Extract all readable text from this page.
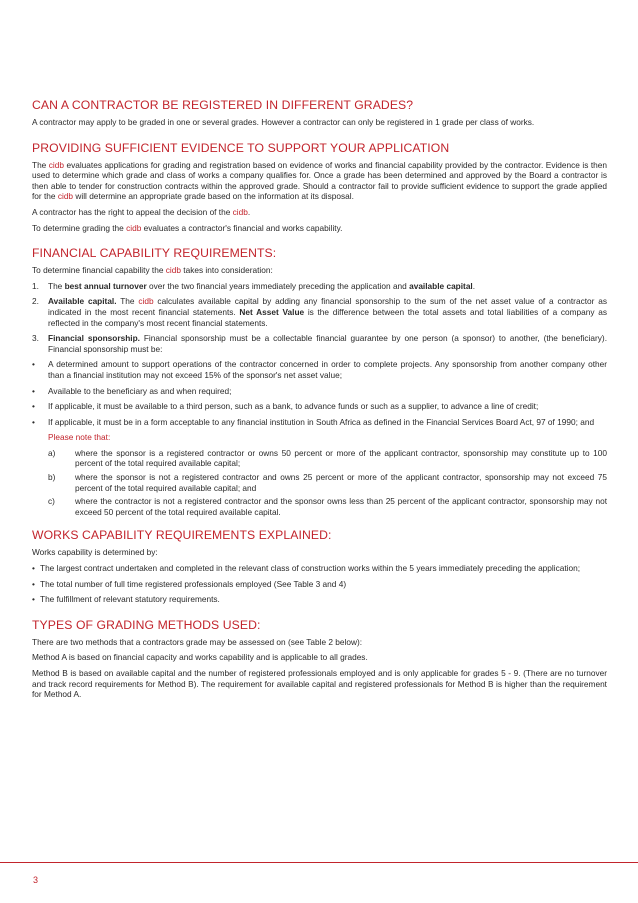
CAN A CONTRACTOR BE REGISTERED IN DIFFERENT GRADES?

A contractor may apply to be graded in one or several grades. However a contractor can only be registered in 1 grade per class of works.

PROVIDING SUFFICIENT EVIDENCE TO SUPPORT YOUR APPLICATION

The cidb evaluates applications for grading and registration based on evidence of works and financial capability provided by the contractor. Evidence is then used to determine which grade and class of works a company qualifies for. Once a grade has been determined and approved by the Board a contractor is then able to tender for construction contracts within the approved grade. Should a contractor fail to provide sufficient evidence to support the grade applied for the cidb will determine an appropriate grade based on the information at its disposal.

A contractor has the right to appeal the decision of the cidb.

To determine grading the cidb evaluates a contractor's financial and works capability.

FINANCIAL CAPABILITY REQUIREMENTS:

To determine financial capability the cidb takes into consideration:

1. The best annual turnover over the two financial years immediately preceding the application and available capital.
2. Available capital. The cidb calculates available capital by adding any financial sponsorship to the sum of the net asset value of a contractor as indicated in the most recent financial statements. Net Asset Value is the difference between the total assets and total liabilities of a company as reflected in the company's most recent financial statements.
3. Financial sponsorship. Financial sponsorship must be a collectable financial guarantee by one person (a sponsor) to another, (the beneficiary). Financial sponsorship must be:
• A determined amount to support operations of the contractor concerned in order to complete projects. Any sponsorship from another company other than a financial institution may not exceed 15% of the sponsor's net asset value;
• Available to the beneficiary as and when required;
• If applicable, it must be available to a third person, such as a bank, to advance funds or such as a supplier, to advance a line of credit;
• If applicable, it must be in a form acceptable to any financial institution in South Africa as defined in the Financial Services Board Act, 97 of 1990; and

Please note that:

a) where the sponsor is a registered contractor or owns 50 percent or more of the applicant contractor, sponsorship may constitute up to 100 percent of the total required available capital;
b) where the sponsor is not a registered contractor and owns 25 percent or more of the applicant contractor, sponsorship may not exceed 75 percent of the total required available capital; and
c) where the contractor is not a registered contractor and the sponsor owns less than 25 percent of the applicant contractor, sponsorship may not exceed 50 percent of the total required available capital.
WORKS CAPABILITY REQUIREMENTS EXPLAINED:

Works capability is determined by:

• The largest contract undertaken and completed in the relevant class of construction works within the 5 years immediately preceding the application;
• The total number of full time registered professionals employed (See Table 3 and 4)
• The fulfillment of relevant statutory requirements.
TYPES OF GRADING METHODS USED:

There are two methods that a contractors grade may be assessed on (see Table 2 below):

Method A is based on financial capacity and works capability and is applicable to all grades.

Method B is based on available capital and the number of registered professionals employed and is only applicable for grades 5 - 9. (There are no turnover and track record requirements for Method B). The requirement for available capital and registered professionals for Method B is higher than the requirement for Method A.

3
